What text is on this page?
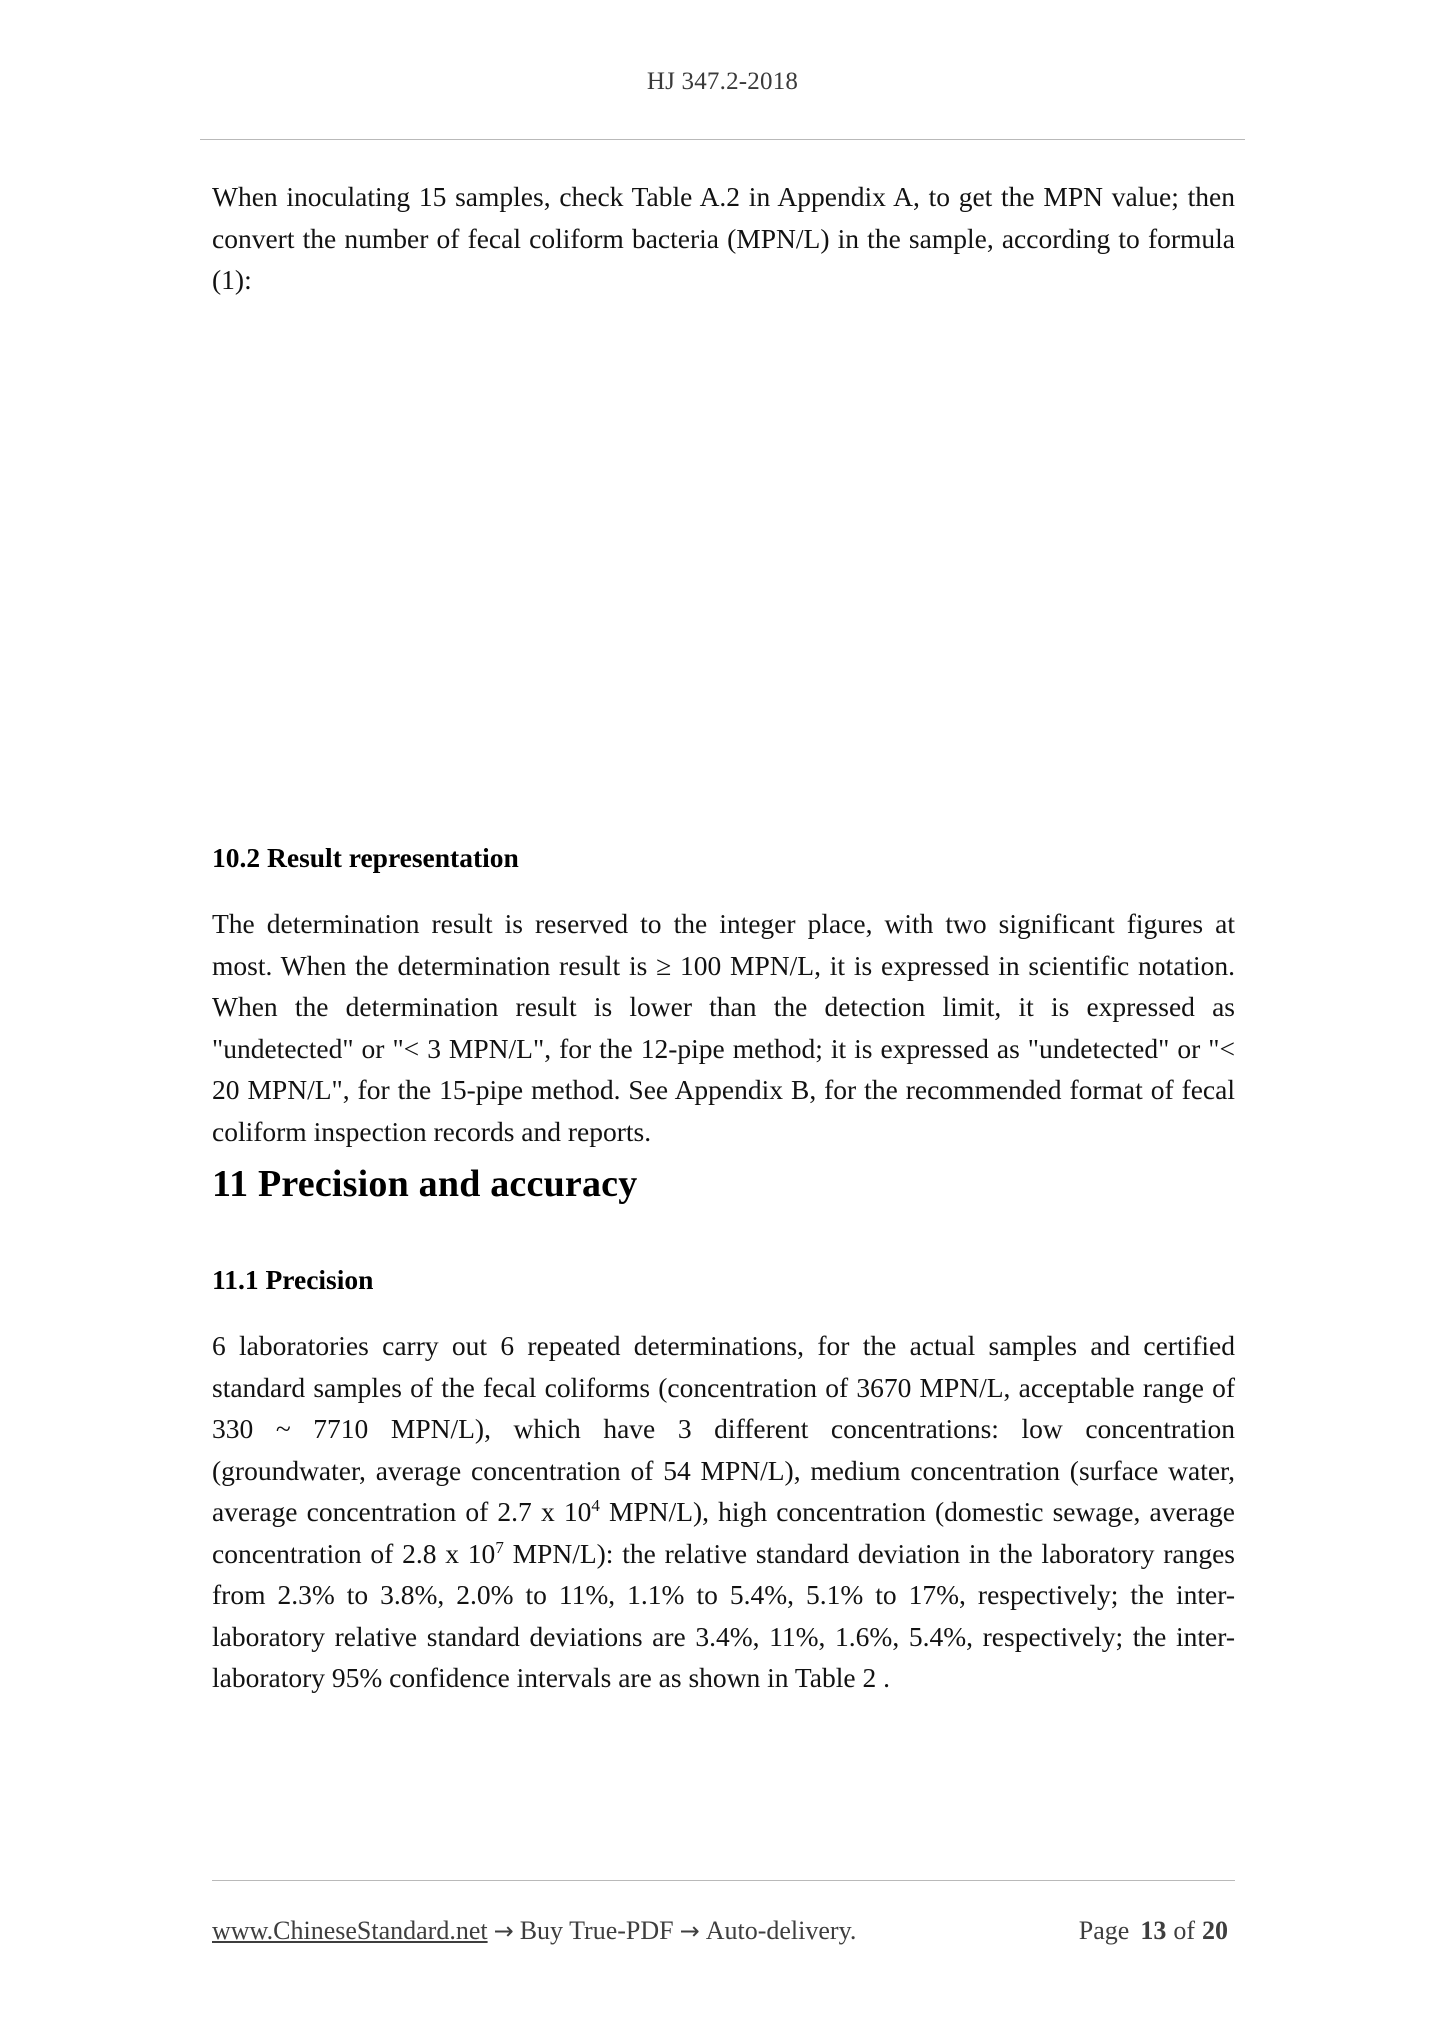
HJ 347.2-2018

When inoculating 15 samples, check Table A.2 in Appendix A, to get the MPN value; then convert the number of fecal coliform bacteria (MPN/L) in the sample, according to formula (1):

10.2 Result representation

The determination result is reserved to the integer place, with two significant figures at most. When the determination result is ≥ 100 MPN/L, it is expressed in scientific notation. When the determination result is lower than the detection limit, it is expressed as "undetected" or "< 3 MPN/L", for the 12-pipe method; it is expressed as "undetected" or "< 20 MPN/L", for the 15-pipe method. See Appendix B, for the recommended format of fecal coliform inspection records and reports.

11 Precision and accuracy
11.1 Precision

6 laboratories carry out 6 repeated determinations, for the actual samples and certified standard samples of the fecal coliforms (concentration of 3670 MPN/L, acceptable range of 330 ~ 7710 MPN/L), which have 3 different concentrations: low concentration (groundwater, average concentration of 54 MPN/L), medium concentration (surface water, average concentration of 2.7 x $10^4$ MPN/L), high concentration (domestic sewage, average concentration of 2.8 x $10^7$ MPN/L): the relative standard deviation in the laboratory ranges from 2.3% to 3.8%, 2.0% to 11%, 1.1% to 5.4%, 5.1% to 17%, respectively; the inter-laboratory relative standard deviations are 3.4%, 11%, 1.6%, 5.4%, respectively; the inter-laboratory 95% confidence intervals are as shown in Table 2 .

www.ChineseStandard.net → Buy True-PDF → Auto-delivery.	Page 13 of 20
